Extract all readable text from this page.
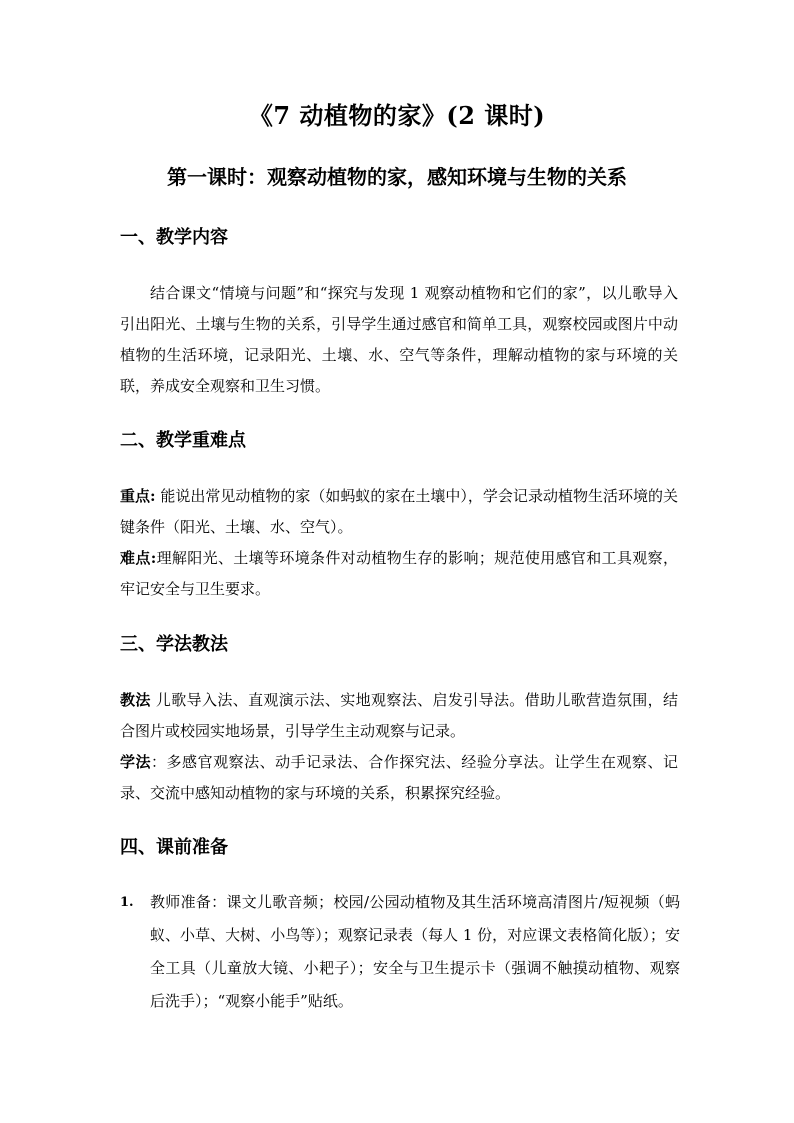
《7 动植物的家》(2 课时)
第一课时：观察动植物的家，感知环境与生物的关系
一、教学内容

结合课文“情境与问题”和“探究与发现 1 观察动植物和它们的家”，以儿歌导入引出阳光、土壤与生物的关系，引导学生通过感官和简单工具，观察校园或图片中动植物的生活环境，记录阳光、土壤、水、空气等条件，理解动植物的家与环境的关联，养成安全观察和卫生习惯。

二、教学重难点

重点: 能说出常见动植物的家（如蚂蚁的家在土壤中），学会记录动植物生活环境的关键条件（阳光、土壤、水、空气）。

难点:理解阳光、土壤等环境条件对动植物生存的影响；规范使用感官和工具观察，牢记安全与卫生要求。

三、学法教法

教法 儿歌导入法、直观演示法、实地观察法、启发引导法。借助儿歌营造氛围，结合图片或校园实地场景，引导学生主动观察与记录。

学法：多感官观察法、动手记录法、合作探究法、经验分享法。让学生在观察、记录、交流中感知动植物的家与环境的关系，积累探究经验。

四、课前准备
1. 教师准备：课文儿歌音频；校园/公园动植物及其生活环境高清图片/短视频（蚂蚁、小草、大树、小鸟等）；观察记录表（每人 1 份，对应课文表格简化版）；安全工具（儿童放大镜、小耙子）；安全与卫生提示卡（强调不触摸动植物、观察后洗手）；“观察小能手”贴纸。
